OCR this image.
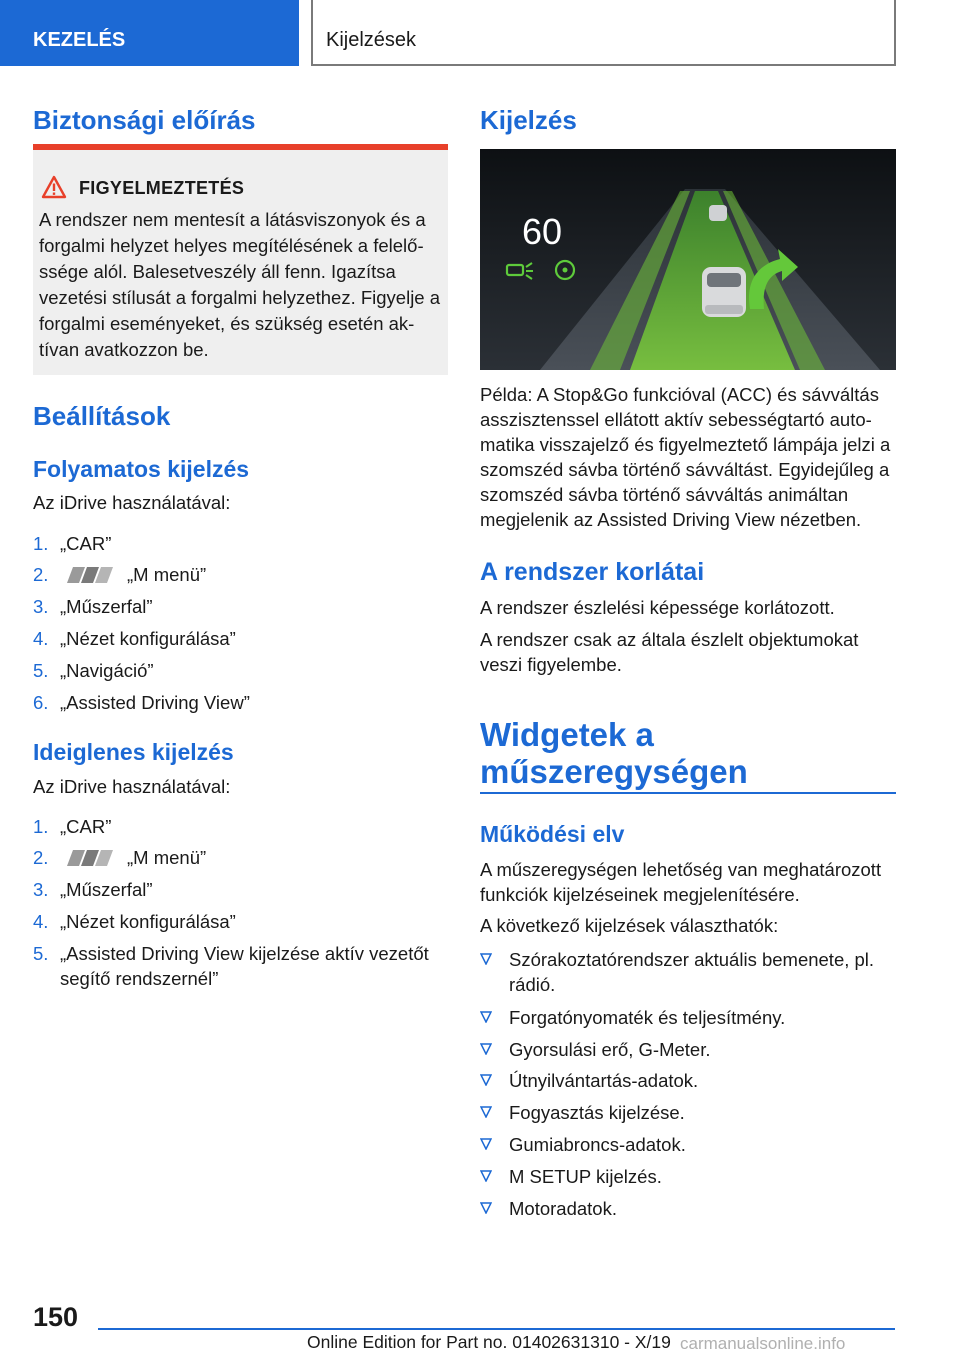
KEZELÉS	Kijelzések
Biztonsági előírás
FIGYELMEZTETÉS
A rendszer nem mentesít a látásviszonyok és a forgalmi helyzet helyes megítélésének a felelőssége alól. Balesetveszély áll fenn. Igazítsa vezetési stílusát a forgalmi helyzethez. Figyelje a forgalmi eseményeket, és szükség esetén aktívan avatkozzon be.
Beállítások
Folyamatos kijelzés
Az iDrive használatával:
1. „CAR”
2.	„M menü”
3. „Műszerfal”
4. „Nézet konfigurálása”
5. „Navigáció”
6. „Assisted Driving View”
Ideiglenes kijelzés
Az iDrive használatával:
1. „CAR”
2.	„M menü”
3. „Műszerfal”
4. „Nézet konfigurálása”
5. „Assisted Driving View kijelzése aktív vezetőt segítő rendszernél”
Kijelzés
60
Példa: A Stop&Go funkcióval (ACC) és sávváltás asszisztenssel ellátott aktív sebességtartó automatika visszajelző és figyelmeztető lámpája jelzi a szomszéd sávba történő sávváltást. Egyidejűleg a szomszéd sávba történő sávváltás animáltan megjelenik az Assisted Driving View nézetben.
A rendszer korlátai
A rendszer észlelési képessége korlátozott.
A rendszer csak az általa észlelt objektumokat veszi figyelembe.
Widgetek a
műszeregységen
Működési elv
A műszeregységen lehetőség van meghatározott funkciók kijelzéseinek megjelenítésére.
A következő kijelzések választhatók:
Szórakoztatórendszer aktuális bemenete, pl. rádió.
Forgatónyomaték és teljesítmény.
Gyorsulási erő, G-Meter.
Útnyilvántartás-adatok.
Fogyasztás kijelzése.
Gumiabroncs-adatok.
M SETUP kijelzés.
Motoradatok.
150
Online Edition for Part no. 01402631310 - X/19 carmanualsonline.info
